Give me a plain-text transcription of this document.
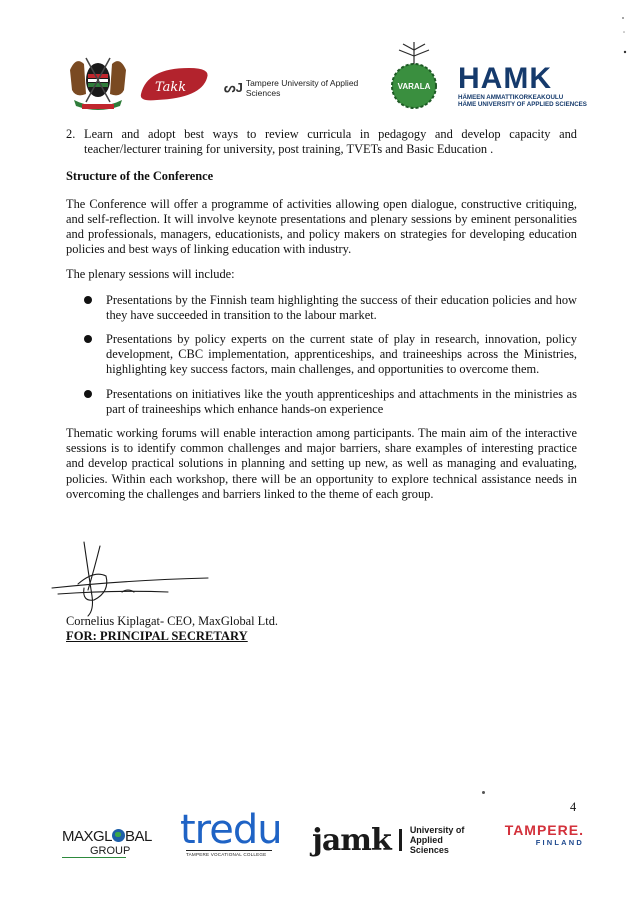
Takk	ᔕJ Tampere University of Applied Sciences
VARALA HAMK
HÄMEEN AMMATTIKORKEAKOULU
HÄME UNIVERSITY OF APPLIED SCIENCES
2. Learn and adopt best ways to review curricula in pedagogy and develop capacity and teacher/lecturer training for university, post training, TVETs and Basic Education .
Structure of the Conference

The Conference will offer a programme of activities allowing open dialogue, constructive critiquing, and self-reflection. It will involve keynote presentations and plenary sessions by eminent personalities and professionals, managers, educationists, and policy makers on strategies for developing education policies and best ways of linking education with industry.

The plenary sessions will include:

Presentations by the Finnish team highlighting the success of their education policies and how they have succeeded in transition to the labour market.
Presentations by policy experts on the current state of play in research, innovation, policy development, CBC implementation, apprenticeships, and traineeships across the Ministries, highlighting key success factors, main challenges, and opportunities to overcome them.
Presentations on initiatives like the youth apprenticeships and attachments in the ministries as part of traineeships which enhance hands-on experience

Thematic working forums will enable interaction among participants. The main aim of the interactive sessions is to identify common challenges and major barriers, share examples of interesting practice and develop practical solutions in planning and setting up new, as well as managing and evaluating, policies. Within each workshop, there will be an opportunity to explore technical assistance needs in overcoming the challenges and barriers linked to the theme of each group.

Cornelius Kiplagat- CEO, MaxGlobal Ltd.
FOR: PRINCIPAL SECRETARY
4
MAXGL BAL
GROUP tredu
TAMPERE VOCATIONAL COLLEGE jamk University of
Applied Sciences
TAMPERE.
FINLAND
